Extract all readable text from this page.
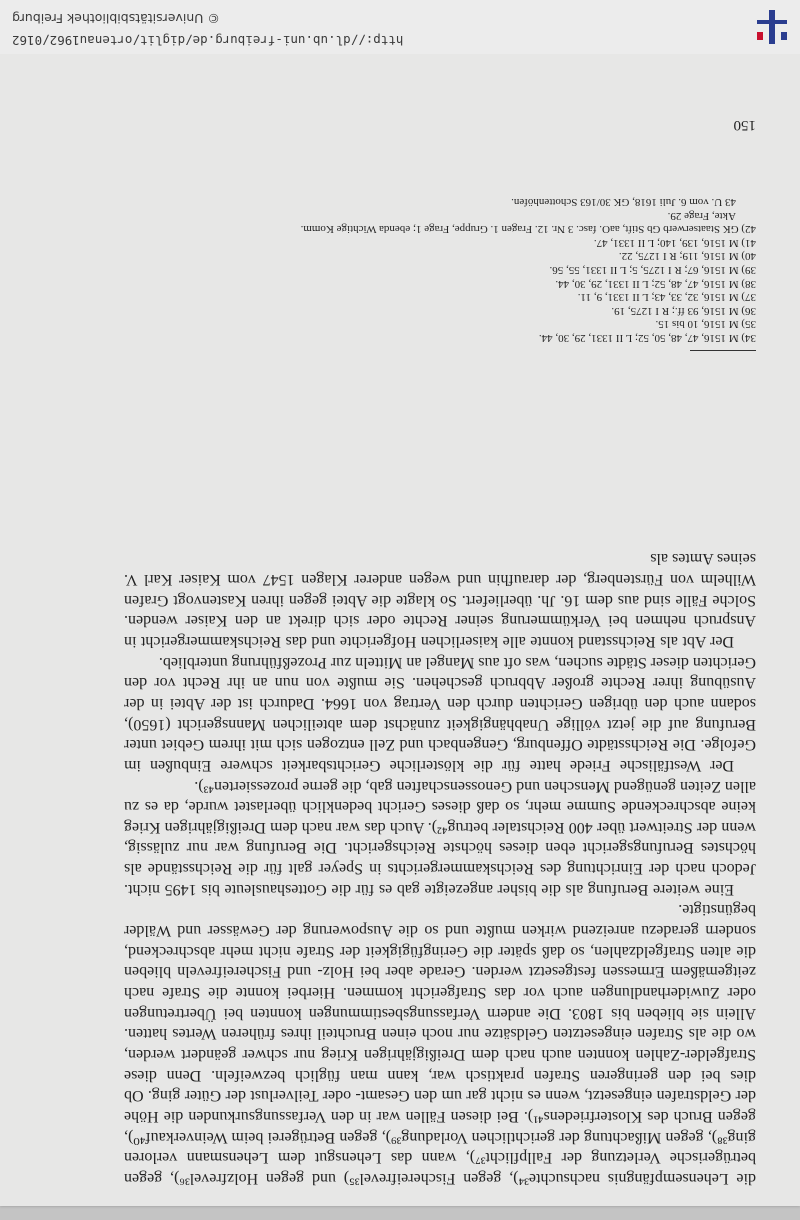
die Lehensempfängnis nachsuchte³⁴), gegen Fischereifrevel³⁵) und gegen Holzfrevel³⁶), gegen betrügerische Verletzung der Fallpflicht³⁷), wann das Lehensgut dem Lehensmann verloren ging³⁸), gegen Mißachtung der gerichtlichen Vorladung³⁹), gegen Betrügerei beim Weinverkauf⁴⁰), gegen Bruch des Klosterfriedens⁴¹). Bei diesen Fällen war in den Verfassungsurkunden die Höhe der Geldstrafen eingesetzt, wenn es nicht gar um den Gesamt- oder Teilverlust der Güter ging. Ob dies bei den geringeren Strafen praktisch war, kann man füglich bezweifeln. Denn diese Strafgelder-Zahlen konnten auch nach dem Dreißigjährigen Krieg nur schwer geändert werden, wo die als Strafen eingesetzten Geldsätze nur noch einen Bruchteil ihres früheren Wertes hatten. Allein sie blieben bis 1803. Die andern Verfassungsbestimmungen konnten bei Übertretungen oder Zuwiderhandlungen auch vor das Strafgericht kommen. Hierbei konnte die Strafe nach zeitgemäßem Ermessen festgesetzt werden. Gerade aber bei Holz- und Fischereifreveln blieben die alten Strafgeldzahlen, so daß später die Geringfügigkeit der Strafe nicht mehr abschreckend, sondern geradezu anreizend wirken mußte und so die Auspowerung der Gewässer und Wälder begünstigte.

Eine weitere Berufung als die bisher angezeigte gab es für die Gotteshausleute bis 1495 nicht. Jedoch nach der Einrichtung des Reichskammergerichts in Speyer galt für die Reichsstände als höchstes Berufungsgericht eben dieses höchste Reichsgericht. Die Berufung war nur zulässig, wenn der Streitwert über 400 Reichstaler betrug⁴²). Auch das war nach dem Dreißigjährigen Krieg keine abschreckende Summe mehr, so daß dieses Gericht bedenklich überlastet wurde, da es zu allen Zeiten genügend Menschen und Genossenschaften gab, die gerne prozessierten⁴³).

Der Westfälische Friede hatte für die klösterliche Gerichtsbarkeit schwere Einbußen im Gefolge. Die Reichsstädte Offenburg, Gengenbach und Zell entzogen sich mit ihrem Gebiet unter Berufung auf die jetzt völlige Unabhängigkeit zunächst dem abteilichen Mannsgericht (1650), sodann auch den übrigen Gerichten durch den Vertrag von 1664. Dadurch ist der Abtei in der Ausübung ihrer Rechte großer Abbruch geschehen. Sie mußte von nun an ihr Recht vor den Gerichten dieser Städte suchen, was oft aus Mangel an Mitteln zur Prozeßführung unterblieb.

Der Abt als Reichsstand konnte alle kaiserlichen Hofgerichte und das Reichskammergericht in Anspruch nehmen bei Verkümmerung seiner Rechte oder sich direkt an den Kaiser wenden. Solche Fälle sind aus dem 16. Jh. überliefert. So klagte die Abtei gegen ihren Kastenvogt Grafen Wilhelm von Fürstenberg, der daraufhin und wegen anderer Klagen 1547 vom Kaiser Karl V. seines Amtes als

34) M 1516, 47, 48, 50, 52; L II 1331, 29, 30, 44.
35) M 1516, 10 bis 15.
36) M 1516, 93 ff.; R I 1275, 19.
37) M 1516, 32, 33, 43; L II 1331, 9, 11.
38) M 1516, 47, 48, 52; L II 1331, 29, 30, 44.
39) M 1516, 67; R I 1275, 5; L II 1331, 55, 56.
40) M 1516, 119; R I 1275, 22.
41) M 1516, 139, 140; L II 1331, 47.
42) GK Staatserwerb Gb Stift, aaO. fasc. 3 Nr. 12. Fragen 1. Gruppe, Frage 1; ebenda Wichtige Komm.
Akte, Frage 29.
43 U. vom 6. Juli 1618, GK 30/163 Schottenhöfen.
150
http://dl.ub.uni-freiburg.de/diglit/ortenau1962/0162
© Universitätsbibliothek Freiburg
